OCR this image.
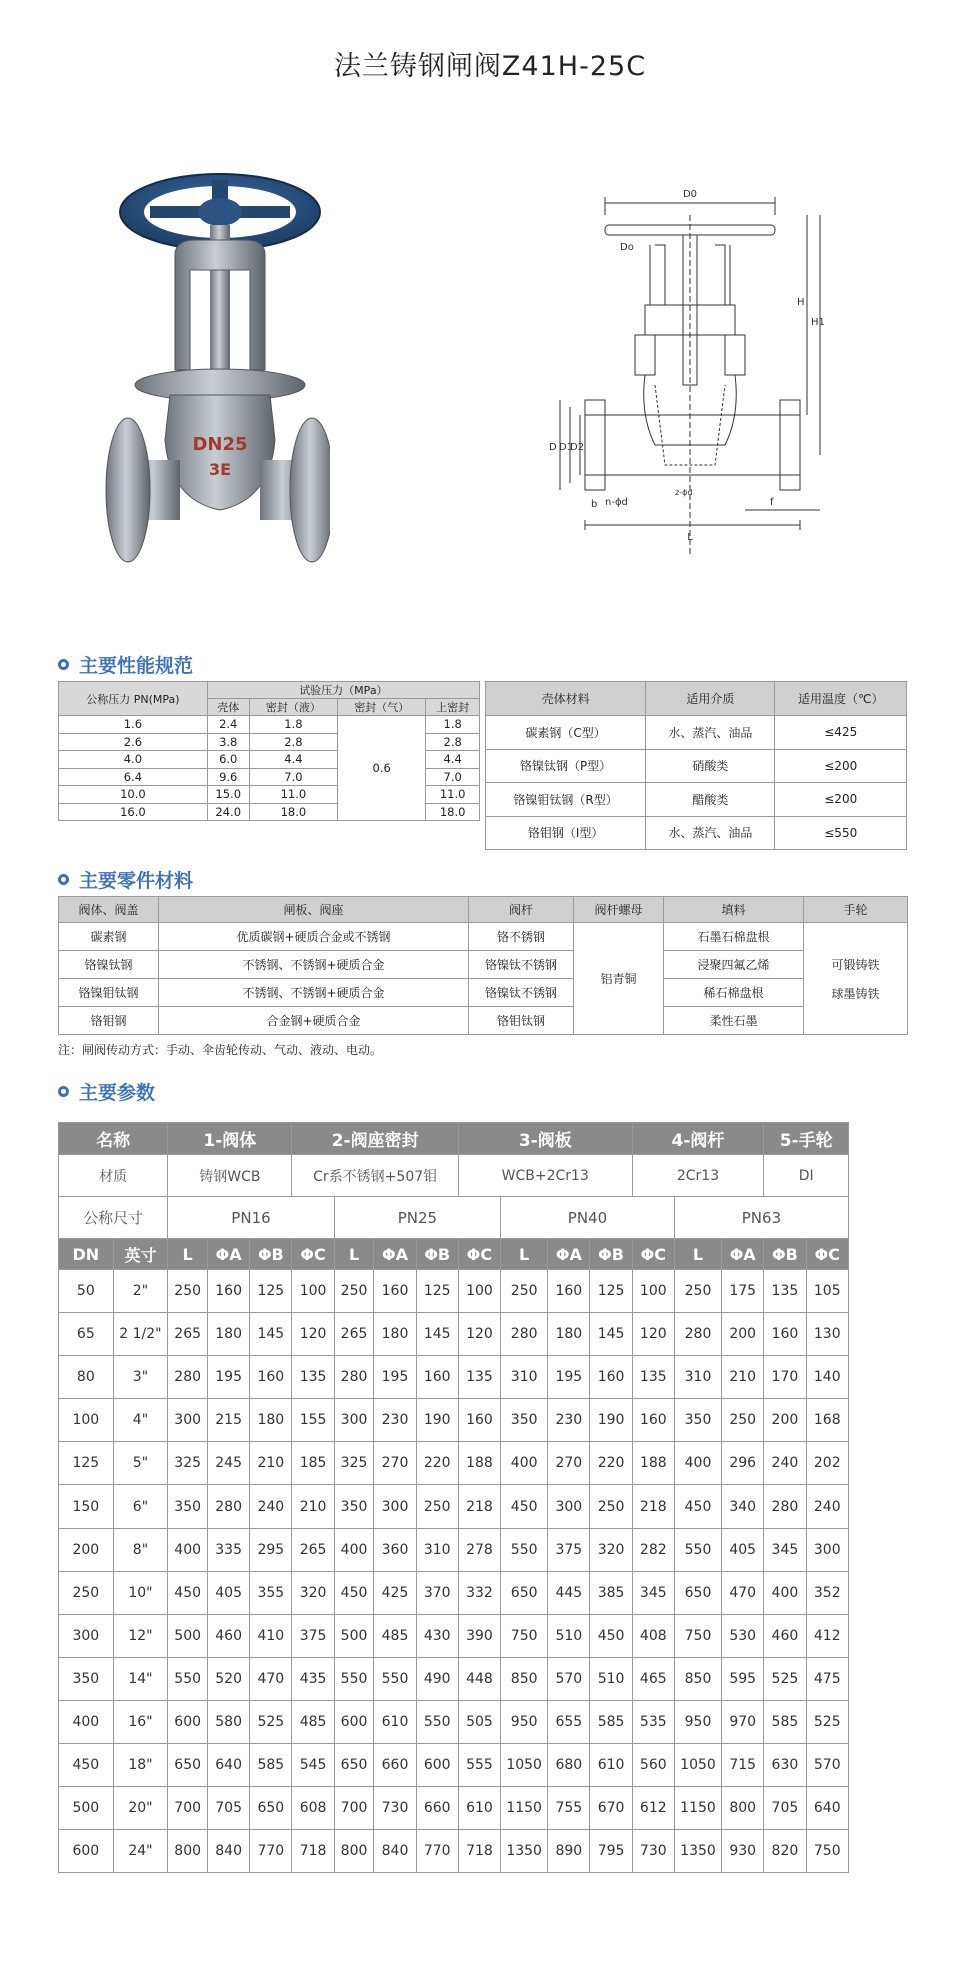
法兰铸钢闸阀Z41H-25C
DN25
3E
D0
Do
H
H1
D D1
D2
n-ϕd
z-ϕd
b
L
f
主要性能规范
公称压力 PN(MPa)	试验压力（MPa）			
	壳体	密封（液）	密封（气）	上密封
1.6	2.4	1.8	0.6	1.8
2.6	3.8	2.8		2.8
4.0	6.0	4.4		4.4
6.4	9.6	7.0		7.0
10.0	15.0	11.0		11.0
16.0	24.0	18.0		18.0
壳体材料	适用介质	适用温度（℃）
碳素钢（C型）	水、蒸汽、油品	≤425
铬镍钛钢（P型）	硝酸类	≤200
铬镍钼钛钢（R型）	醋酸类	≤200
铬钼钢（I型）	水、蒸汽、油品	≤550
主要零件材料
阀体、阀盖	闸板、阀座	阀杆	阀杆螺母	填料	手轮
碳素钢	优质碳钢+硬质合金或不锈钢	铬不锈钢	铝青铜	石墨石棉盘根	可锻铸铁
球墨铸铁

铬镍钛钢	不锈钢、不锈钢+硬质合金	铬镍钛不锈钢		浸聚四氟乙烯	
铬镍钼钛钢	不锈钢、不锈钢+硬质合金	铬镍钛不锈钢		稀石棉盘根	
铬钼钢	合金钢+硬质合金	铬钼钛钢		柔性石墨	
注：闸阀传动方式：手动、伞齿轮传动、气动、液动、电动。
主要参数
名称		1-阀体			2-阀座密封				3-阀板				4-阀杆			5-手轮	
材质		铸钢WCB			Cr系不锈钢+507钼				WCB+2Cr13				2Cr13			DI	
公称尺寸		PN16				PN25				PN40				PN63			
DN	英寸	L	ΦA	ΦB	ΦC	L	ΦA	ΦB	ΦC	L	ΦA	ΦB	ΦC	L	ΦA	ΦB	ΦC
50	2"	250	160	125	100	250	160	125	100	250	160	125	100	250	175	135	105
65	2 1/2"	265	180	145	120	265	180	145	120	280	180	145	120	280	200	160	130
80	3"	280	195	160	135	280	195	160	135	310	195	160	135	310	210	170	140
100	4"	300	215	180	155	300	230	190	160	350	230	190	160	350	250	200	168
125	5"	325	245	210	185	325	270	220	188	400	270	220	188	400	296	240	202
150	6"	350	280	240	210	350	300	250	218	450	300	250	218	450	340	280	240
200	8"	400	335	295	265	400	360	310	278	550	375	320	282	550	405	345	300
250	10"	450	405	355	320	450	425	370	332	650	445	385	345	650	470	400	352
300	12"	500	460	410	375	500	485	430	390	750	510	450	408	750	530	460	412
350	14"	550	520	470	435	550	550	490	448	850	570	510	465	850	595	525	475
400	16"	600	580	525	485	600	610	550	505	950	655	585	535	950	970	585	525
450	18"	650	640	585	545	650	660	600	555	1050	680	610	560	1050	715	630	570
500	20"	700	705	650	608	700	730	660	610	1150	755	670	612	1150	800	705	640
600	24"	800	840	770	718	800	840	770	718	1350	890	795	730	1350	930	820	750
